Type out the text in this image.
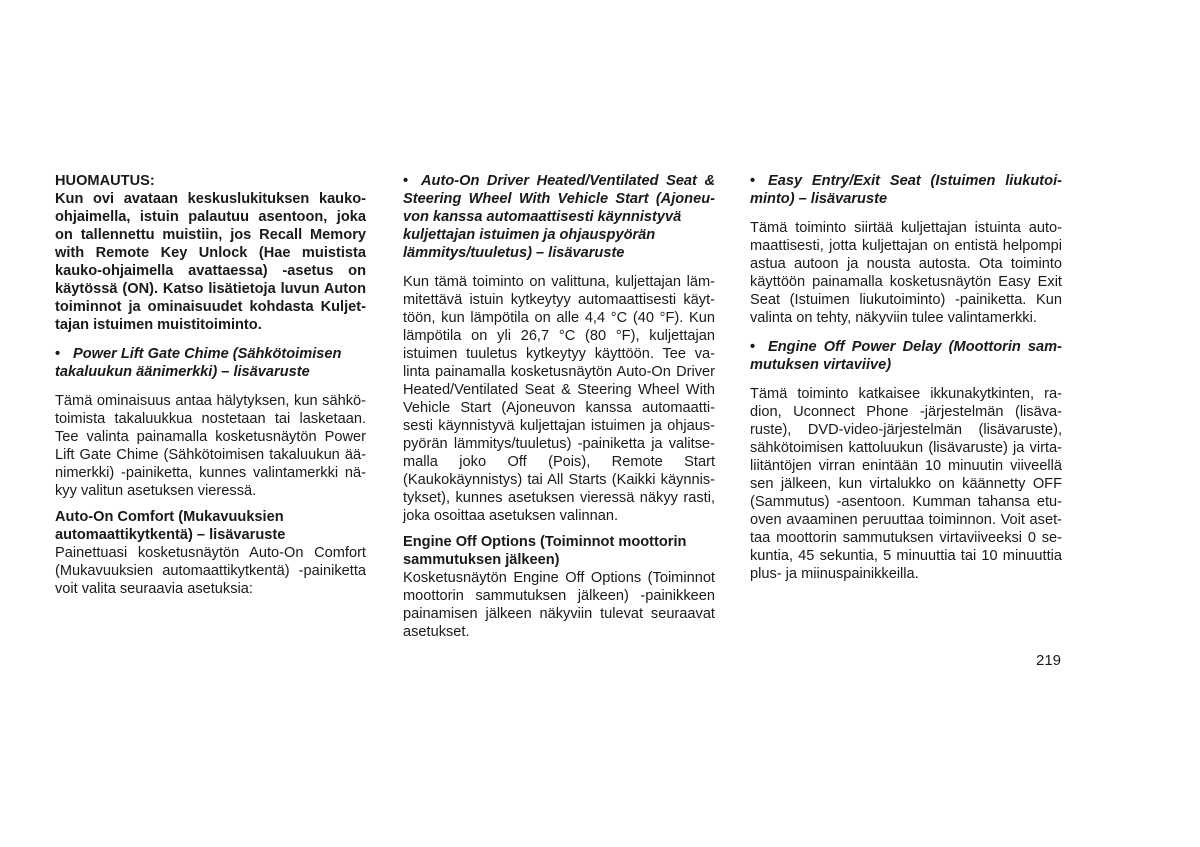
HUOMAUTUS:
Kun ovi avataan keskuslukituksen kauko-
ohjaimella, istuin palautuu asentoon, joka
on tallennettu muistiin, jos Recall Memory
with Remote Key Unlock (Hae muistista
kauko-ohjaimella avattaessa) -asetus on
käytössä (ON). Katso lisätietoja luvun Auton
toiminnot ja ominaisuudet kohdasta Kuljet-
tajan istuimen muistitoiminto.
• Power Lift Gate Chime (Sähkötoimisen
takaluukun äänimerkki) – lisävaruste
Tämä ominaisuus antaa hälytyksen, kun sähkö-
toimista takaluukkua nostetaan tai lasketaan.
Tee valinta painamalla kosketusnäytön Power
Lift Gate Chime (Sähkötoimisen takaluukun ää-
nimerkki) -painiketta, kunnes valintamerkki nä-
kyy valitun asetuksen vieressä.
Auto-On Comfort (Mukavuuksien
automaattikytkentä) – lisävaruste
Painettuasi kosketusnäytön Auto-On Comfort
(Mukavuuksien automaattikytkentä) -painiketta
voit valita seuraavia asetuksia:
• Auto-On Driver Heated/Ventilated Seat &
Steering Wheel With Vehicle Start (Ajoneu-
von kanssa automaattisesti käynnistyvä
kuljettajan istuimen ja ohjauspyörän
lämmitys/tuuletus) – lisävaruste
Kun tämä toiminto on valittuna, kuljettajan läm-
mitettävä istuin kytkeytyy automaattisesti käyt-
töön, kun lämpötila on alle 4,4 °C (40 °F). Kun
lämpötila on yli 26,7 °C (80 °F), kuljettajan
istuimen tuuletus kytkeytyy käyttöön. Tee va-
linta painamalla kosketusnäytön Auto-On Driver
Heated/Ventilated Seat & Steering Wheel With
Vehicle Start (Ajoneuvon kanssa automaatti-
sesti käynnistyvä kuljettajan istuimen ja ohjaus-
pyörän lämmitys/tuuletus) -painiketta ja valitse-
malla joko Off (Pois), Remote Start
(Kaukokäynnistys) tai All Starts (Kaikki käynnis-
tykset), kunnes asetuksen vieressä näkyy rasti,
joka osoittaa asetuksen valinnan.
Engine Off Options (Toiminnot moottorin
sammutuksen jälkeen)
Kosketusnäytön Engine Off Options (Toiminnot
moottorin sammutuksen jälkeen) -painikkeen
painamisen jälkeen näkyviin tulevat seuraavat
asetukset.
• Easy Entry/Exit Seat (Istuimen liukutoi-
minto) – lisävaruste
Tämä toiminto siirtää kuljettajan istuinta auto-
maattisesti, jotta kuljettajan on entistä helpompi
astua autoon ja nousta autosta. Ota toiminto
käyttöön painamalla kosketusnäytön Easy Exit
Seat (Istuimen liukutoiminto) -painiketta. Kun
valinta on tehty, näkyviin tulee valintamerkki.
• Engine Off Power Delay (Moottorin sam-
mutuksen virtaviive)
Tämä toiminto katkaisee ikkunakytkinten, ra-
dion, Uconnect Phone -järjestelmän (lisäva-
ruste), DVD-video-järjestelmän (lisävaruste),
sähkötoimisen kattoluukun (lisävaruste) ja virta-
liitäntöjen virran enintään 10 minuutin viiveellä
sen jälkeen, kun virtalukko on käännetty OFF
(Sammutus) -asentoon. Kumman tahansa etu-
oven avaaminen peruuttaa toiminnon. Voit aset-
taa moottorin sammutuksen virtaviiveeksi 0 se-
kuntia, 45 sekuntia, 5 minuuttia tai 10 minuuttia
plus- ja miinuspainikkeilla.
219
